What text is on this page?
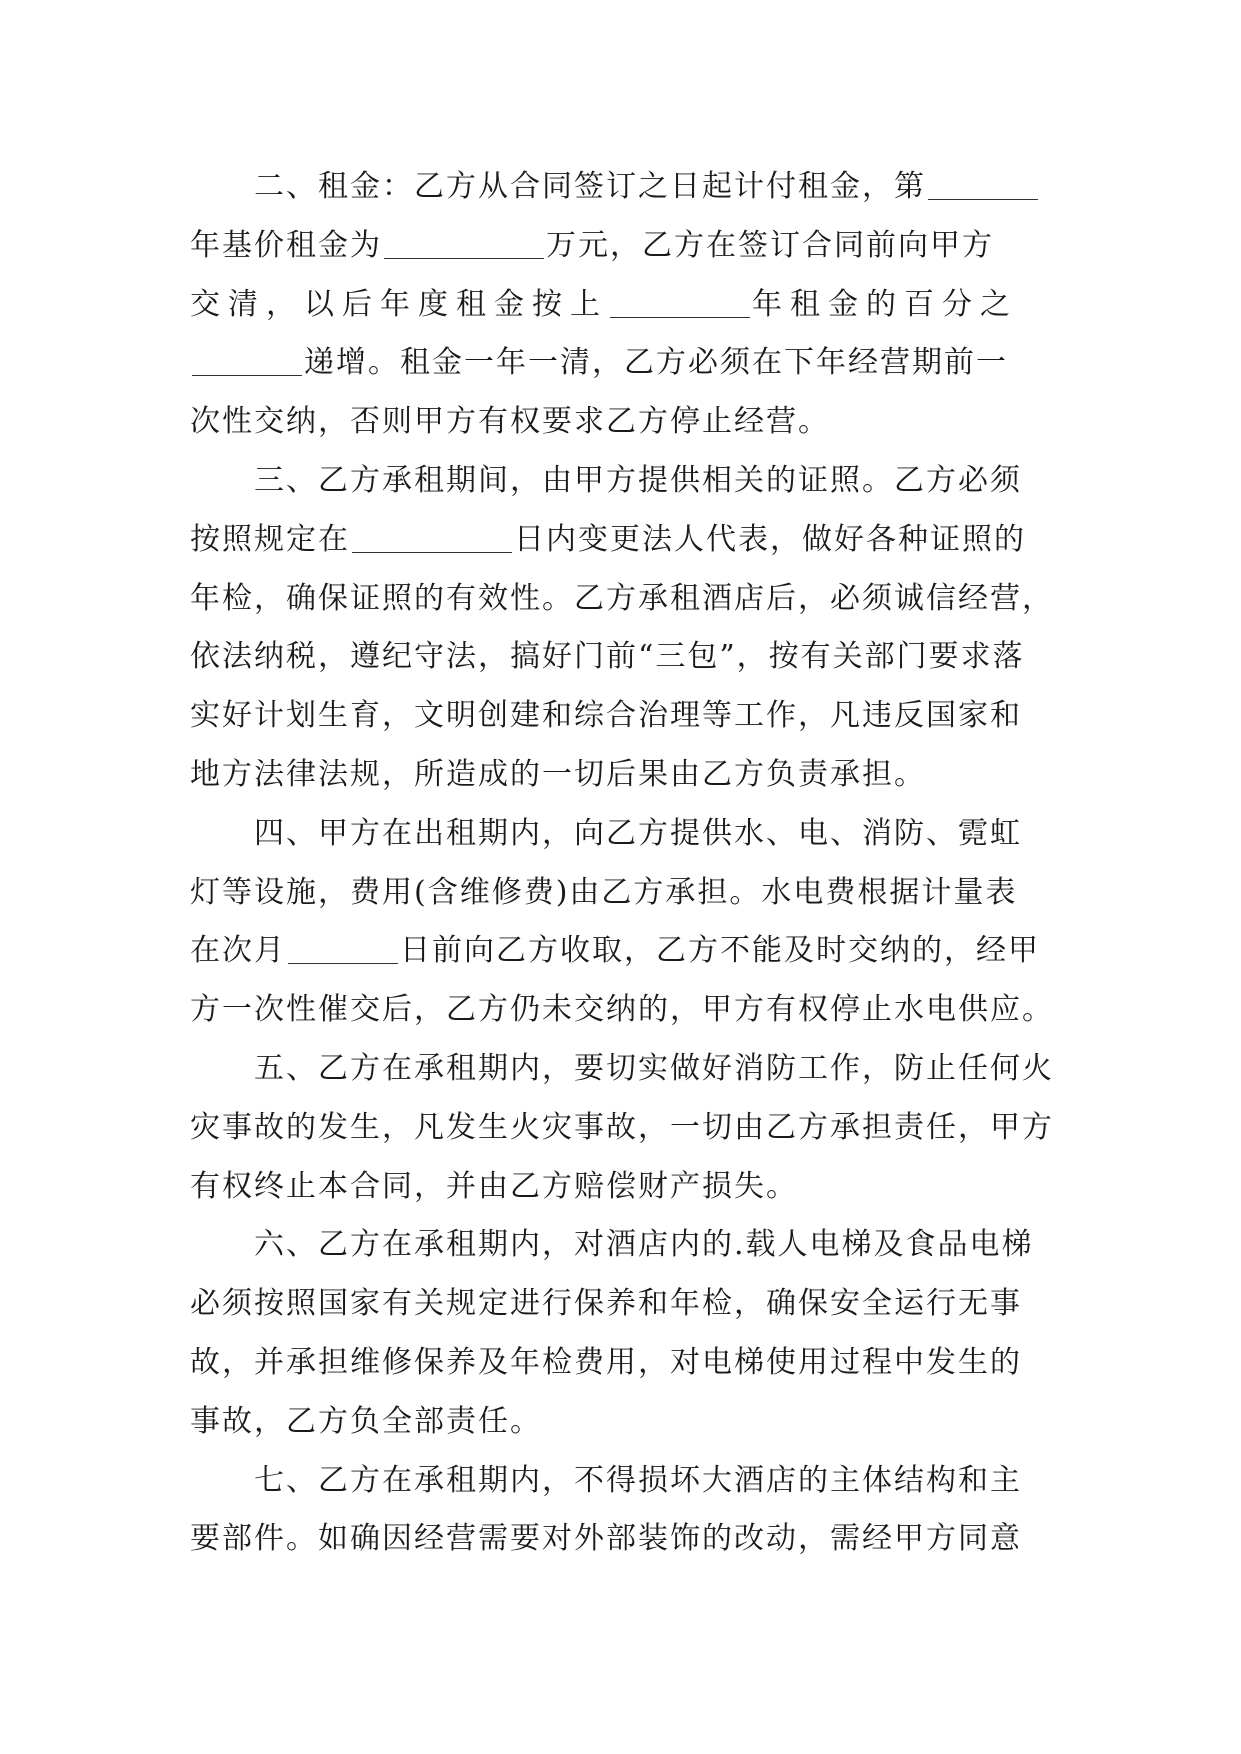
二、租金：乙方从合同签订之日起计付租金，第
年基价租金为	万元，乙方在签订合同前向甲方
交清，以后年度租金按上	年租金的百分之
递增。租金一年一清，乙方必须在下年经营期前一
次性交纳，否则甲方有权要求乙方停止经营。
三、乙方承租期间，由甲方提供相关的证照。乙方必须
按照规定在	日内变更法人代表，做好各种证照的
年检，确保证照的有效性。乙方承租酒店后，必须诚信经营，
依法纳税，遵纪守法，搞好门前“三包”，按有关部门要求落
实好计划生育，文明创建和综合治理等工作，凡违反国家和
地方法律法规，所造成的一切后果由乙方负责承担。
四、甲方在出租期内，向乙方提供水、电、消防、霓虹
灯等设施，费用(含维修费)由乙方承担。水电费根据计量表
在次月	日前向乙方收取，乙方不能及时交纳的，经甲
方一次性催交后，乙方仍未交纳的，甲方有权停止水电供应。
五、乙方在承租期内，要切实做好消防工作，防止任何火
灾事故的发生，凡发生火灾事故，一切由乙方承担责任，甲方
有权终止本合同，并由乙方赔偿财产损失。
六、乙方在承租期内，对酒店内的.载人电梯及食品电梯
必须按照国家有关规定进行保养和年检，确保安全运行无事
故，并承担维修保养及年检费用，对电梯使用过程中发生的
事故，乙方负全部责任。
七、乙方在承租期内，不得损坏大酒店的主体结构和主
要部件。如确因经营需要对外部装饰的改动，需经甲方同意
